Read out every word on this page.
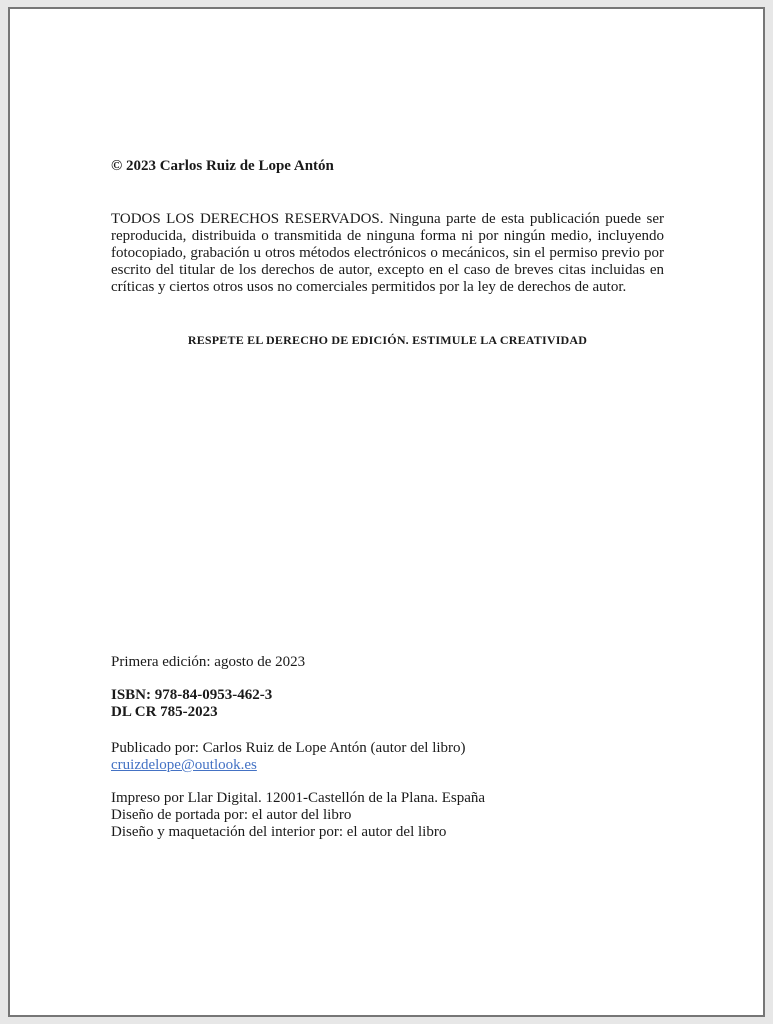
© 2023 Carlos Ruiz de Lope Antón

TODOS LOS DERECHOS RESERVADOS. Ninguna parte de esta publicación puede ser reproducida, distribuida o transmitida de ninguna forma ni por ningún medio, incluyendo fotocopiado, grabación u otros métodos electrónicos o mecánicos, sin el permiso previo por escrito del titular de los derechos de autor, excepto en el caso de breves citas incluidas en críticas y ciertos otros usos no comerciales permitidos por la ley de derechos de autor.

RESPETE EL DERECHO DE EDICIÓN. ESTIMULE LA CREATIVIDAD

Primera edición: agosto de 2023

ISBN: 978-84-0953-462-3

DL CR 785-2023

Publicado por: Carlos Ruiz de Lope Antón (autor del libro)

cruizdelope@outlook.es

Impreso por Llar Digital. 12001-Castellón de la Plana. España

Diseño de portada por: el autor del libro

Diseño y maquetación del interior por: el autor del libro
